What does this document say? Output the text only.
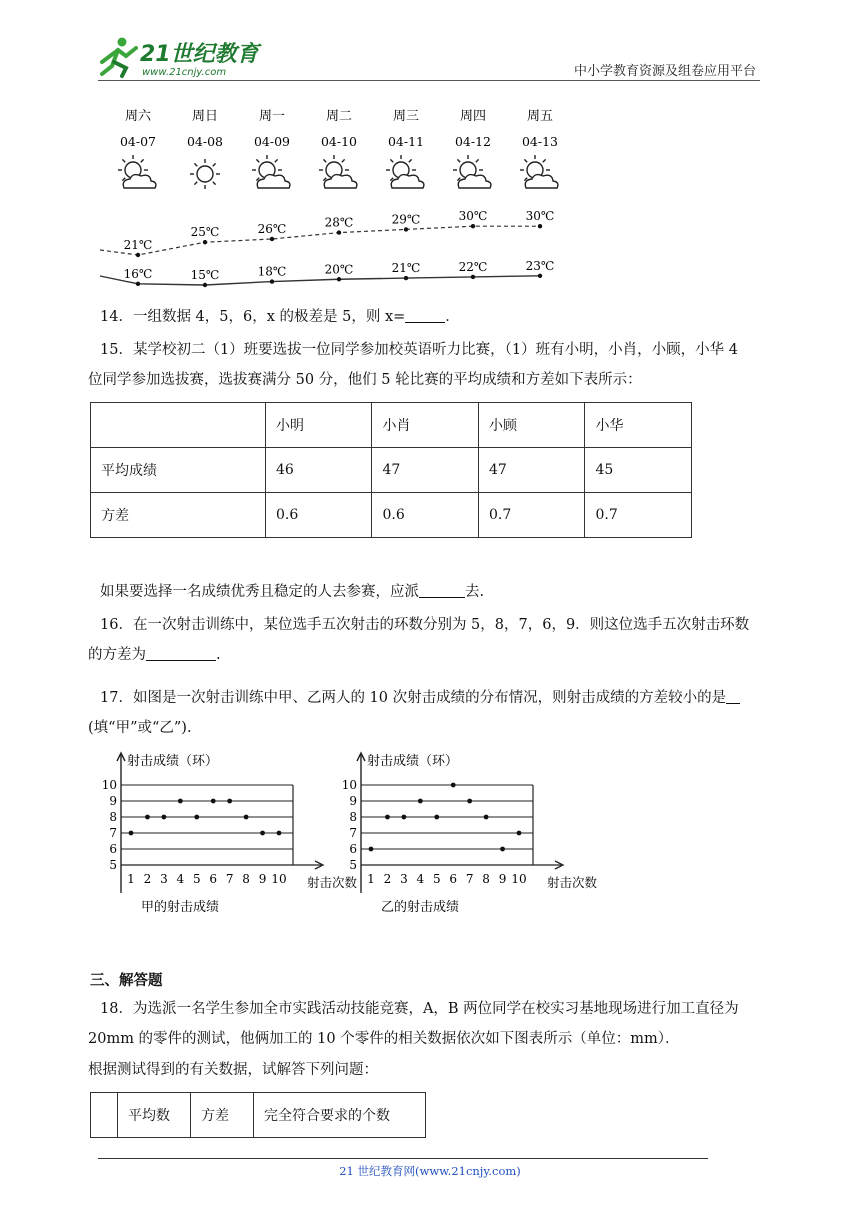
21世纪教育
www.21cnjy.com	中小学教育资源及组卷应用平台
周六
04-07
周日
04-08
周一
04-09
周二
04-10
周三
04-11
周四
04-12
周五
04-13
21℃
16℃
25℃
15℃
26℃
18℃
28℃
20℃
29℃
21℃
30℃
22℃
30℃
23℃

14．一组数据 4，5，6，x 的极差是 5，则 x=	．

15．某学校初二（1）班要选拔一位同学参加校英语听力比赛，（1）班有小明，小肖，小顾，小华 4

位同学参加选拔赛，选拔赛满分 50 分，他们 5 轮比赛的平均成绩和方差如下表所示：

	小明	小肖	小顾	小华
平均成绩	46	47	47	45
方差	0.6	0.6	0.7	0.7

如果要选择一名成绩优秀且稳定的人去参赛，应派	去.

16．在一次射击训练中，某位选手五次射击的环数分别为 5，8，7，6，9．则这位选手五次射击环数

的方差为	.

17．如图是一次射击训练中甲、乙两人的 10 次射击成绩的分布情况，则射击成绩的方差较小的是

(填“甲”或“乙”).

5
6
7
8
9
10
射击成绩（环）
1 2 3 4 5 6 7 8 9 10 射击次数
甲的射击成绩
5
6
7
8
9
10
射击成绩（环）
1 2 3 4 5 6 7 8 9 10 射击次数
乙的射击成绩
三、解答题

18．为选派一名学生参加全市实践活动技能竞赛，A，B 两位同学在校实习基地现场进行加工直径为

20mm 的零件的测试，他俩加工的 10 个零件的相关数据依次如下图表所示（单位：mm）．

根据测试得到的有关数据，试解答下列问题：

	平均数	方差	完全符合要求的个数
21 世纪教育网(www.21cnjy.com)
